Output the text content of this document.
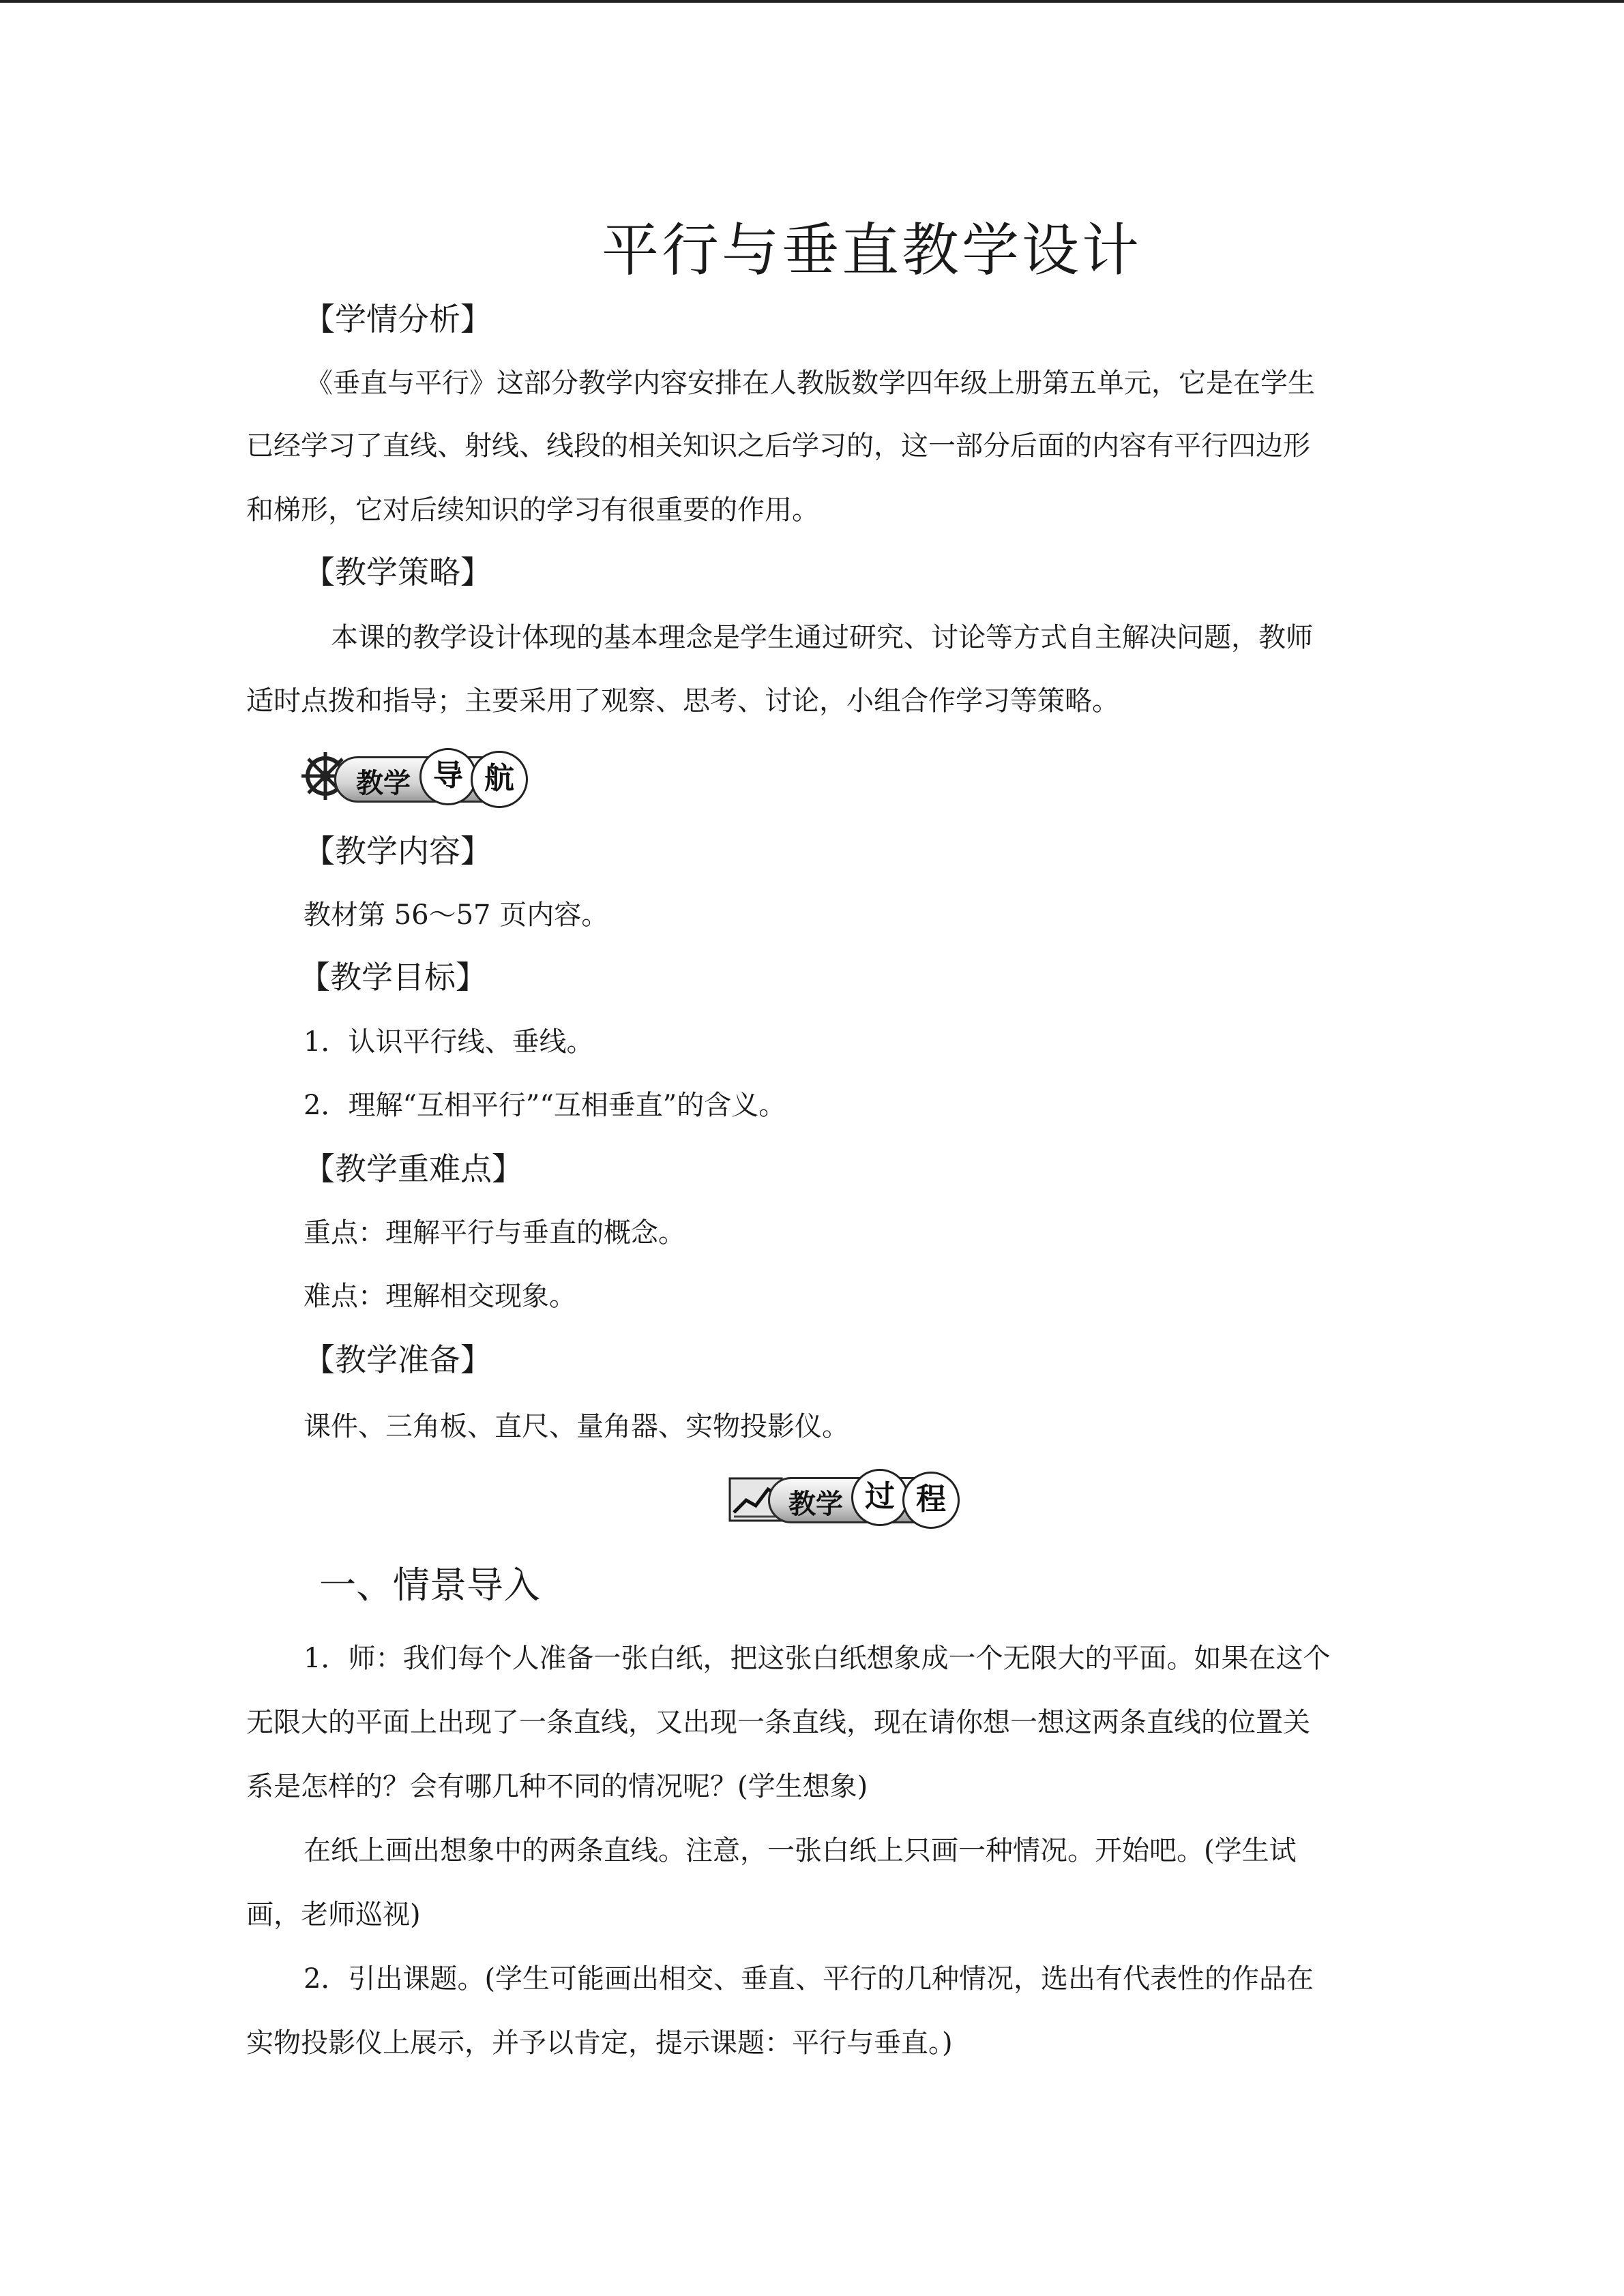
平行与垂直教学设计
【学情分析】
《垂直与平行》这部分教学内容安排在人教版数学四年级上册第五单元，它是在学生
已经学习了直线、射线、线段的相关知识之后学习的，这一部分后面的内容有平行四边形
和梯形，它对后续知识的学习有很重要的作用。
【教学策略】
本课的教学设计体现的基本理念是学生通过研究、讨论等方式自主解决问题，教师
适时点拨和指导；主要采用了观察、思考、讨论，小组合作学习等策略。
教学 导 航
【教学内容】
教材第 56～57 页内容。
【教学目标】
1．认识平行线、垂线。
2．理解“互相平行”“互相垂直”的含义。
【教学重难点】
重点：理解平行与垂直的概念。
难点：理解相交现象。
【教学准备】
课件、三角板、直尺、量角器、实物投影仪。
教学 过 程
一、情景导入
1．师：我们每个人准备一张白纸，把这张白纸想象成一个无限大的平面。如果在这个
无限大的平面上出现了一条直线，又出现一条直线，现在请你想一想这两条直线的位置关
系是怎样的？会有哪几种不同的情况呢？(学生想象)
在纸上画出想象中的两条直线。注意，一张白纸上只画一种情况。开始吧。(学生试
画，老师巡视)
2．引出课题。(学生可能画出相交、垂直、平行的几种情况，选出有代表性的作品在
实物投影仪上展示，并予以肯定，提示课题：平行与垂直。)
